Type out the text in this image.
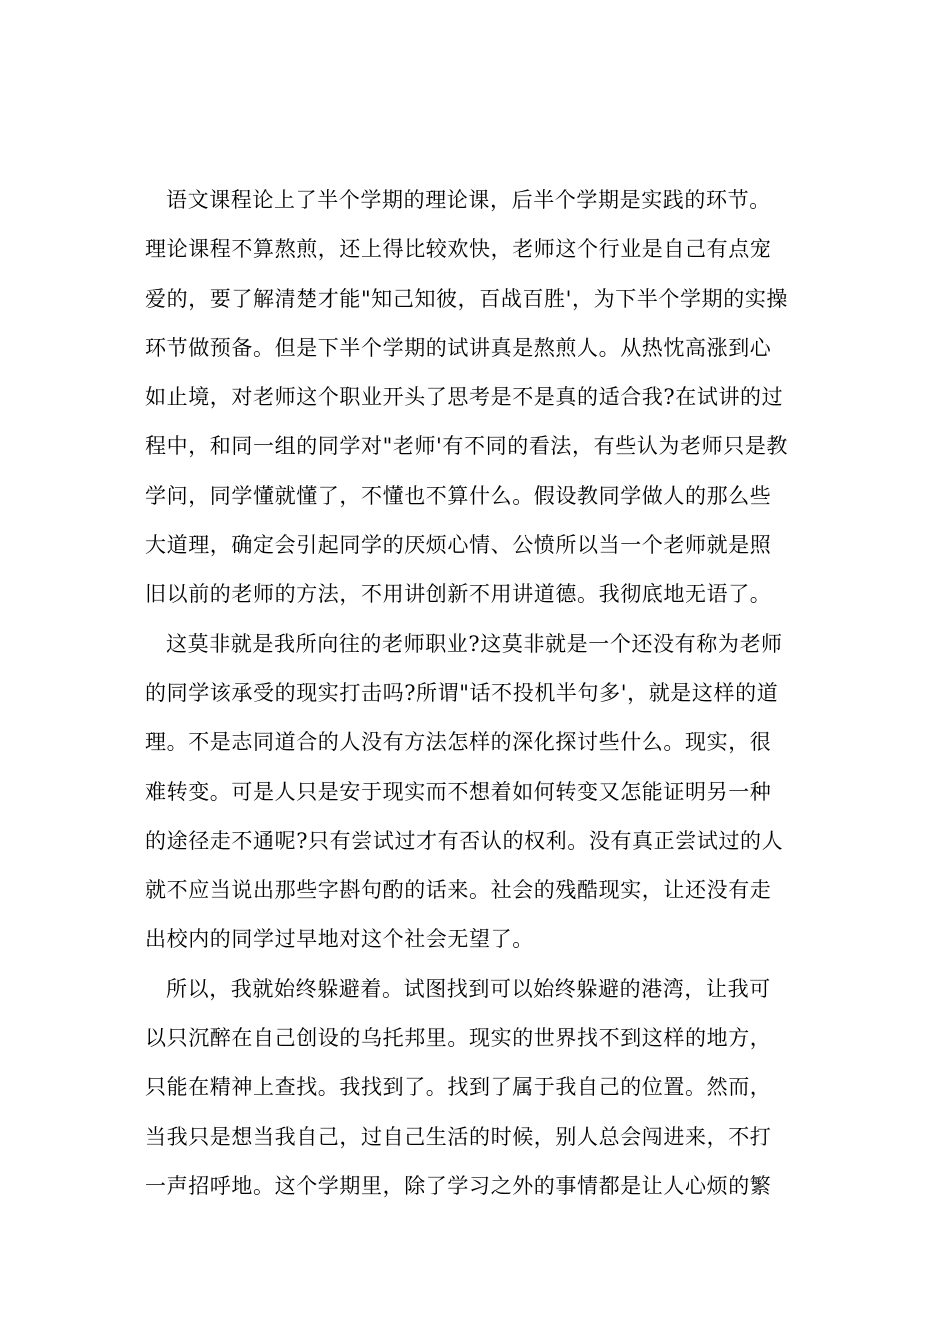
语文课程论上了半个学期的理论课，后半个学期是实践的环节。
理论课程不算熬煎，还上得比较欢快，老师这个行业是自己有点宠
爱的，要了解清楚才能"知己知彼，百战百胜'，为下半个学期的实操
环节做预备。但是下半个学期的试讲真是熬煎人。从热忱高涨到心
如止境，对老师这个职业开头了思考是不是真的适合我?在试讲的过
程中，和同一组的同学对"老师'有不同的看法，有些认为老师只是教
学问，同学懂就懂了，不懂也不算什么。假设教同学做人的那么些
大道理，确定会引起同学的厌烦心情、公愤所以当一个老师就是照
旧以前的老师的方法，不用讲创新不用讲道德。我彻底地无语了。

这莫非就是我所向往的老师职业?这莫非就是一个还没有称为老师
的同学该承受的现实打击吗?所谓"话不投机半句多'，就是这样的道
理。不是志同道合的人没有方法怎样的深化探讨些什么。现实，很
难转变。可是人只是安于现实而不想着如何转变又怎能证明另一种
的途径走不通呢?只有尝试过才有否认的权利。没有真正尝试过的人
就不应当说出那些字斟句酌的话来。社会的残酷现实，让还没有走
出校内的同学过早地对这个社会无望了。

所以，我就始终躲避着。试图找到可以始终躲避的港湾，让我可
以只沉醉在自己创设的乌托邦里。现实的世界找不到这样的地方，
只能在精神上查找。我找到了。找到了属于我自己的位置。然而，
当我只是想当我自己，过自己生活的时候，别人总会闯进来，不打
一声招呼地。这个学期里，除了学习之外的事情都是让人心烦的繁
